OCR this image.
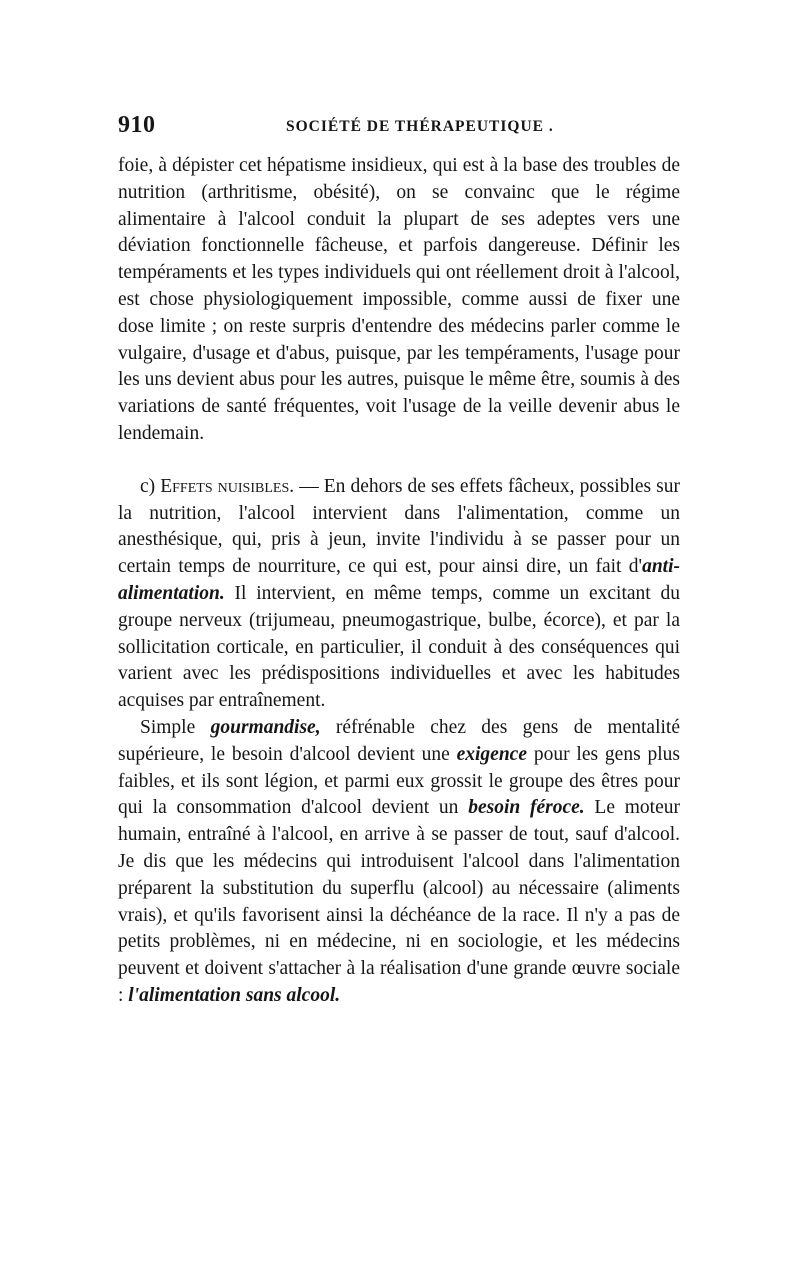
910	SOCIÉTÉ DE THÉRAPEUTIQUE .

foie, à dépister cet hépatisme insidieux, qui est à la base des troubles de nutrition (arthritisme, obésité), on se convainc que le régime alimentaire à l'alcool conduit la plupart de ses adeptes vers une déviation fonctionnelle fâcheuse, et parfois dangereuse. Définir les tempéraments et les types individuels qui ont réellement droit à l'alcool, est chose physiologiquement impossible, comme aussi de fixer une dose limite ; on reste surpris d'entendre des médecins parler comme le vulgaire, d'usage et d'abus, puisque, par les tempéraments, l'usage pour les uns devient abus pour les autres, puisque le même être, soumis à des variations de santé fréquentes, voit l'usage de la veille devenir abus le lendemain.

c) Effets nuisibles. — En dehors de ses effets fâcheux, possibles sur la nutrition, l'alcool intervient dans l'alimentation, comme un anesthésique, qui, pris à jeun, invite l'individu à se passer pour un certain temps de nourriture, ce qui est, pour ainsi dire, un fait d'anti-alimentation. Il intervient, en même temps, comme un excitant du groupe nerveux (trijumeau, pneumogastrique, bulbe, écorce), et par la sollicitation corticale, en particulier, il conduit à des conséquences qui varient avec les prédispositions individuelles et avec les habitudes acquises par entraînement.

Simple gourmandise, réfrénable chez des gens de mentalité supérieure, le besoin d'alcool devient une exigence pour les gens plus faibles, et ils sont légion, et parmi eux grossit le groupe des êtres pour qui la consommation d'alcool devient un besoin féroce. Le moteur humain, entraîné à l'alcool, en arrive à se passer de tout, sauf d'alcool. Je dis que les médecins qui introduisent l'alcool dans l'alimentation préparent la substitution du superflu (alcool) au nécessaire (aliments vrais), et qu'ils favorisent ainsi la déchéance de la race. Il n'y a pas de petits problèmes, ni en médecine, ni en sociologie, et les médecins peuvent et doivent s'attacher à la réalisation d'une grande œuvre sociale : l'alimentation sans alcool.
